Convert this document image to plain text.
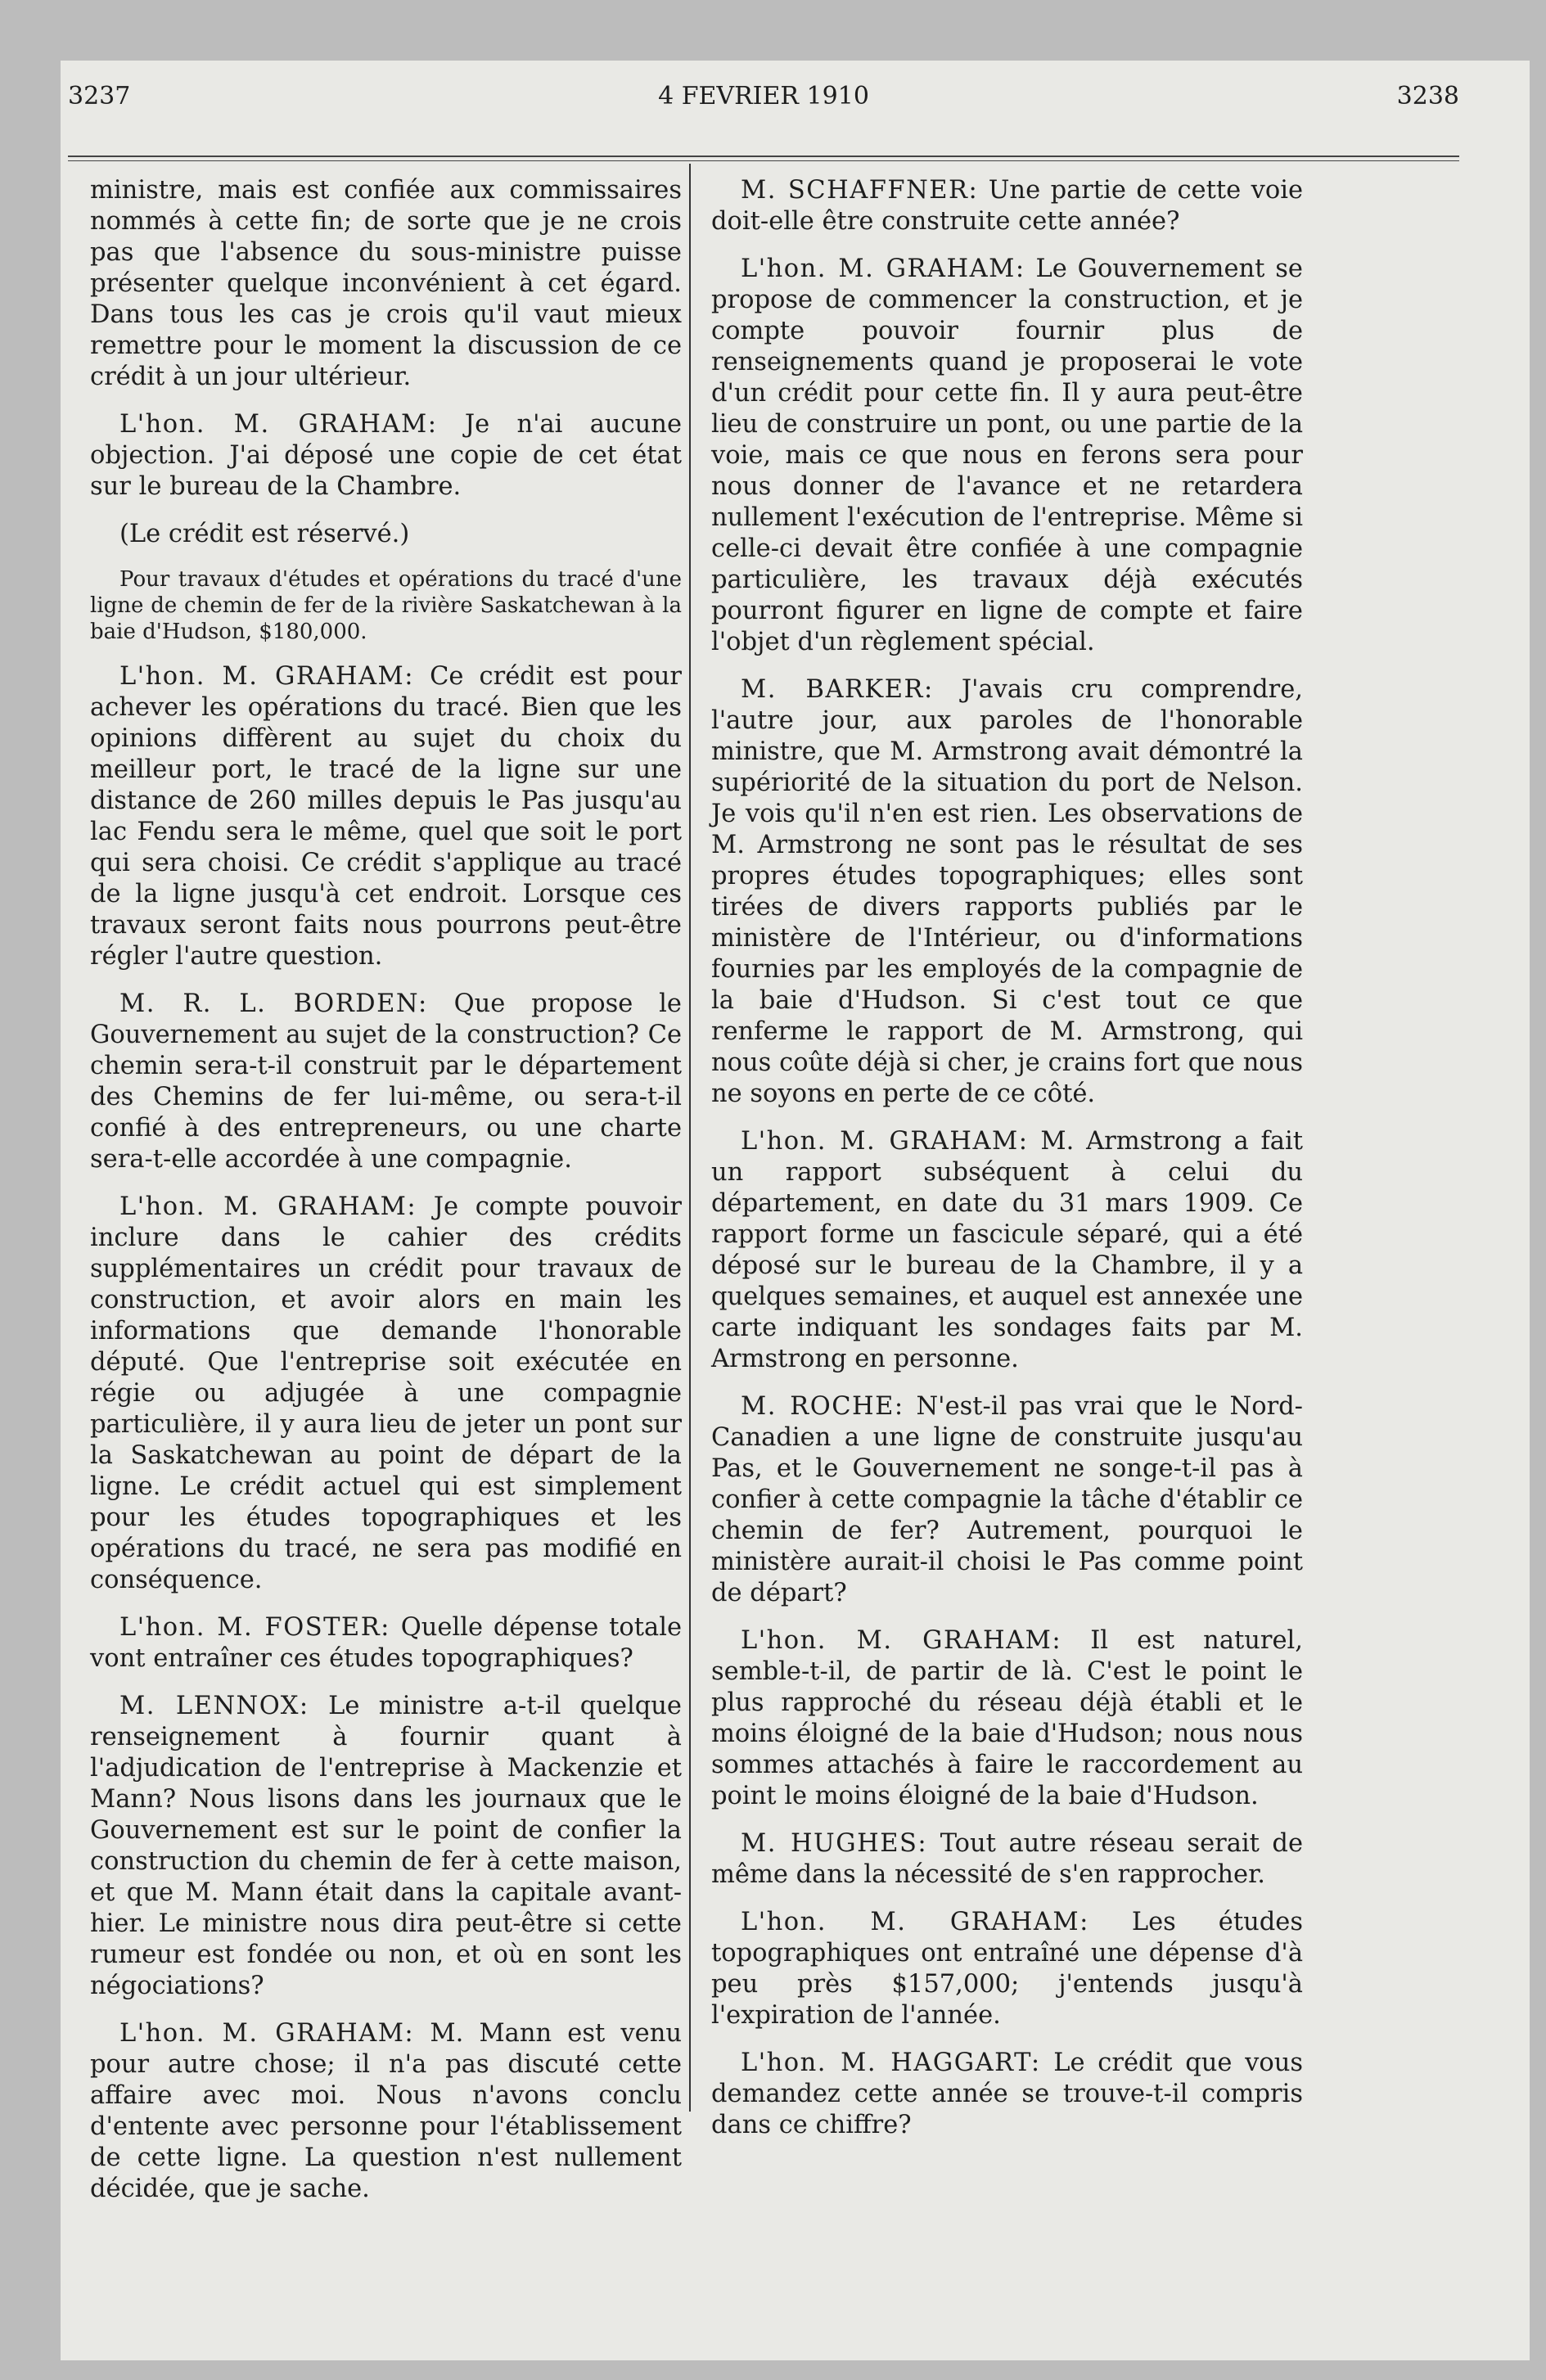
3237	4 FEVRIER 1910	3238

ministre, mais est confiée aux commissaires nommés à cette fin; de sorte que je ne crois pas que l'absence du sous-ministre puisse présenter quelque inconvénient à cet égard. Dans tous les cas je crois qu'il vaut mieux remettre pour le moment la discussion de ce crédit à un jour ultérieur.

L'hon. M. GRAHAM: Je n'ai aucune objection. J'ai déposé une copie de cet état sur le bureau de la Chambre.

(Le crédit est réservé.)

Pour travaux d'études et opérations du tracé d'une ligne de chemin de fer de la rivière Saskatchewan à la baie d'Hudson, $180,000.

L'hon. M. GRAHAM: Ce crédit est pour achever les opérations du tracé. Bien que les opinions diffèrent au sujet du choix du meilleur port, le tracé de la ligne sur une distance de 260 milles depuis le Pas jusqu'au lac Fendu sera le même, quel que soit le port qui sera choisi. Ce crédit s'applique au tracé de la ligne jusqu'à cet endroit. Lorsque ces travaux seront faits nous pourrons peut-être régler l'autre question.

M. R. L. BORDEN: Que propose le Gouvernement au sujet de la construction? Ce chemin sera-t-il construit par le département des Chemins de fer lui-même, ou sera-t-il confié à des entrepreneurs, ou une charte sera-t-elle accordée à une compagnie.

L'hon. M. GRAHAM: Je compte pouvoir inclure dans le cahier des crédits supplémentaires un crédit pour travaux de construction, et avoir alors en main les informations que demande l'honorable député. Que l'entreprise soit exécutée en régie ou adjugée à une compagnie particulière, il y aura lieu de jeter un pont sur la Saskatchewan au point de départ de la ligne. Le crédit actuel qui est simplement pour les études topographiques et les opérations du tracé, ne sera pas modifié en conséquence.

L'hon. M. FOSTER: Quelle dépense totale vont entraîner ces études topographiques?

M. LENNOX: Le ministre a-t-il quelque renseignement à fournir quant à l'adjudication de l'entreprise à Mackenzie et Mann? Nous lisons dans les journaux que le Gouvernement est sur le point de confier la construction du chemin de fer à cette maison, et que M. Mann était dans la capitale avant-hier. Le ministre nous dira peut-être si cette rumeur est fondée ou non, et où en sont les négociations?

L'hon. M. GRAHAM: M. Mann est venu pour autre chose; il n'a pas discuté cette affaire avec moi. Nous n'avons conclu d'entente avec personne pour l'établissement de cette ligne. La question n'est nullement décidée, que je sache.

M. SCHAFFNER: Une partie de cette voie doit-elle être construite cette année?

L'hon. M. GRAHAM: Le Gouvernement se propose de commencer la construction, et je compte pouvoir fournir plus de renseignements quand je proposerai le vote d'un crédit pour cette fin. Il y aura peut-être lieu de construire un pont, ou une partie de la voie, mais ce que nous en ferons sera pour nous donner de l'avance et ne retardera nullement l'exécution de l'entreprise. Même si celle-ci devait être confiée à une compagnie particulière, les travaux déjà exécutés pourront figurer en ligne de compte et faire l'objet d'un règlement spécial.

M. BARKER: J'avais cru comprendre, l'autre jour, aux paroles de l'honorable ministre, que M. Armstrong avait démontré la supériorité de la situation du port de Nelson. Je vois qu'il n'en est rien. Les observations de M. Armstrong ne sont pas le résultat de ses propres études topographiques; elles sont tirées de divers rapports publiés par le ministère de l'Intérieur, ou d'informations fournies par les employés de la compagnie de la baie d'Hudson. Si c'est tout ce que renferme le rapport de M. Armstrong, qui nous coûte déjà si cher, je crains fort que nous ne soyons en perte de ce côté.

L'hon. M. GRAHAM: M. Armstrong a fait un rapport subséquent à celui du département, en date du 31 mars 1909. Ce rapport forme un fascicule séparé, qui a été déposé sur le bureau de la Chambre, il y a quelques semaines, et auquel est annexée une carte indiquant les sondages faits par M. Armstrong en personne.

M. ROCHE: N'est-il pas vrai que le Nord-Canadien a une ligne de construite jusqu'au Pas, et le Gouvernement ne songe-t-il pas à confier à cette compagnie la tâche d'établir ce chemin de fer? Autrement, pourquoi le ministère aurait-il choisi le Pas comme point de départ?

L'hon. M. GRAHAM: Il est naturel, semble-t-il, de partir de là. C'est le point le plus rapproché du réseau déjà établi et le moins éloigné de la baie d'Hudson; nous nous sommes attachés à faire le raccordement au point le moins éloigné de la baie d'Hudson.

M. HUGHES: Tout autre réseau serait de même dans la nécessité de s'en rapprocher.

L'hon. M. GRAHAM: Les études topographiques ont entraîné une dépense d'à peu près $157,000; j'entends jusqu'à l'expiration de l'année.

L'hon. M. HAGGART: Le crédit que vous demandez cette année se trouve-t-il compris dans ce chiffre?
